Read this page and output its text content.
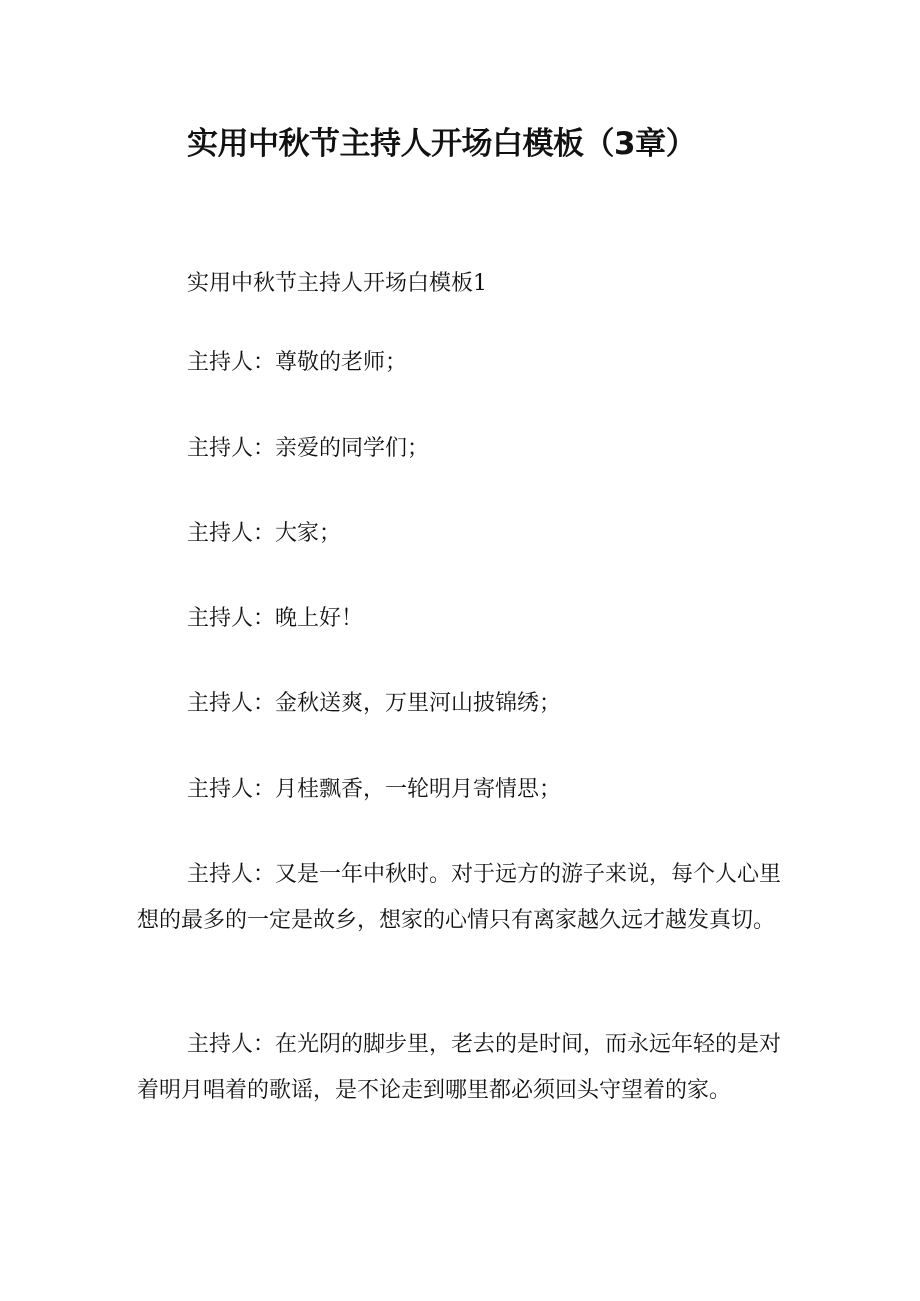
实用中秋节主持人开场白模板（3章）

实用中秋节主持人开场白模板1

主持人：尊敬的老师；

主持人：亲爱的同学们；

主持人：大家；

主持人：晚上好！

主持人：金秋送爽，万里河山披锦绣；

主持人：月桂飘香，一轮明月寄情思；

主持人：又是一年中秋时。对于远方的游子来说，每个人心里想的最多的一定是故乡，想家的心情只有离家越久远才越发真切。

主持人：在光阴的脚步里，老去的是时间，而永远年轻的是对着明月唱着的歌谣，是不论走到哪里都必须回头守望着的家。
